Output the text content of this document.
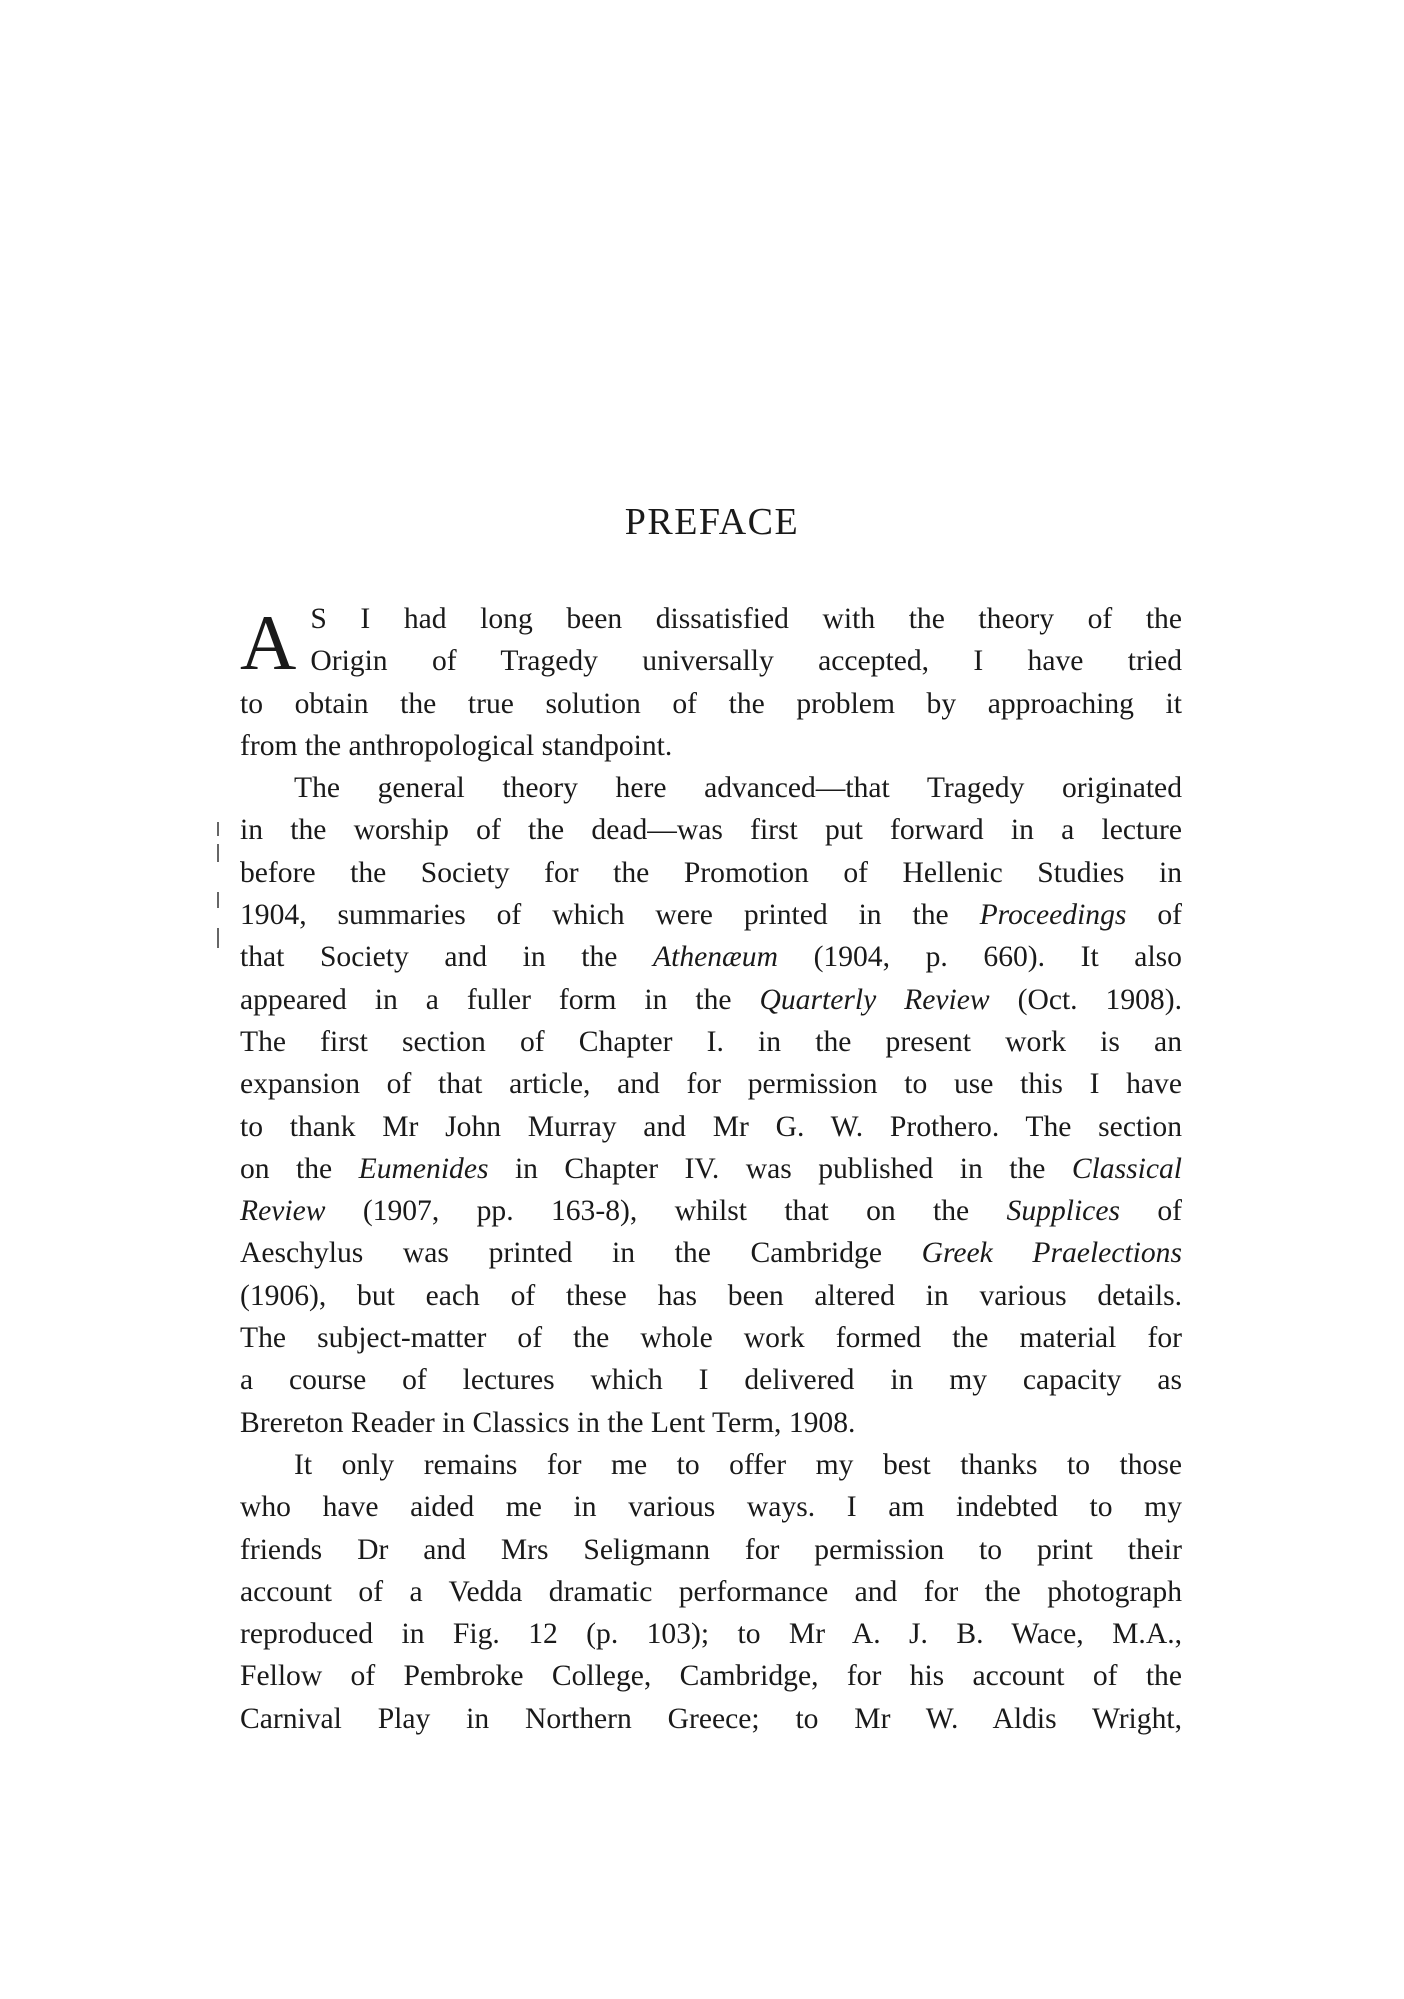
PREFACE
A S I had long been dissatisfied with the theory of the
Origin of Tragedy universally accepted, I have tried
to obtain the true solution of the problem by approaching it
from the anthropological standpoint.
The general theory here advanced—that Tragedy originated
in the worship of the dead—was first put forward in a lecture
before the Society for the Promotion of Hellenic Studies in
1904, summaries of which were printed in the Proceedings of
that Society and in the Athenæum (1904, p. 660). It also
appeared in a fuller form in the Quarterly Review (Oct. 1908).
The first section of Chapter I. in the present work is an
expansion of that article, and for permission to use this I have
to thank Mr John Murray and Mr G. W. Prothero. The section
on the Eumenides in Chapter IV. was published in the Classical
Review (1907, pp. 163-8), whilst that on the Supplices of
Aeschylus was printed in the Cambridge Greek Praelections
(1906), but each of these has been altered in various details.
The subject-matter of the whole work formed the material for
a course of lectures which I delivered in my capacity as
Brereton Reader in Classics in the Lent Term, 1908.
It only remains for me to offer my best thanks to those
who have aided me in various ways. I am indebted to my
friends Dr and Mrs Seligmann for permission to print their
account of a Vedda dramatic performance and for the photograph
reproduced in Fig. 12 (p. 103); to Mr A. J. B. Wace, M.A.,
Fellow of Pembroke College, Cambridge, for his account of the
Carnival Play in Northern Greece; to Mr W. Aldis Wright,
